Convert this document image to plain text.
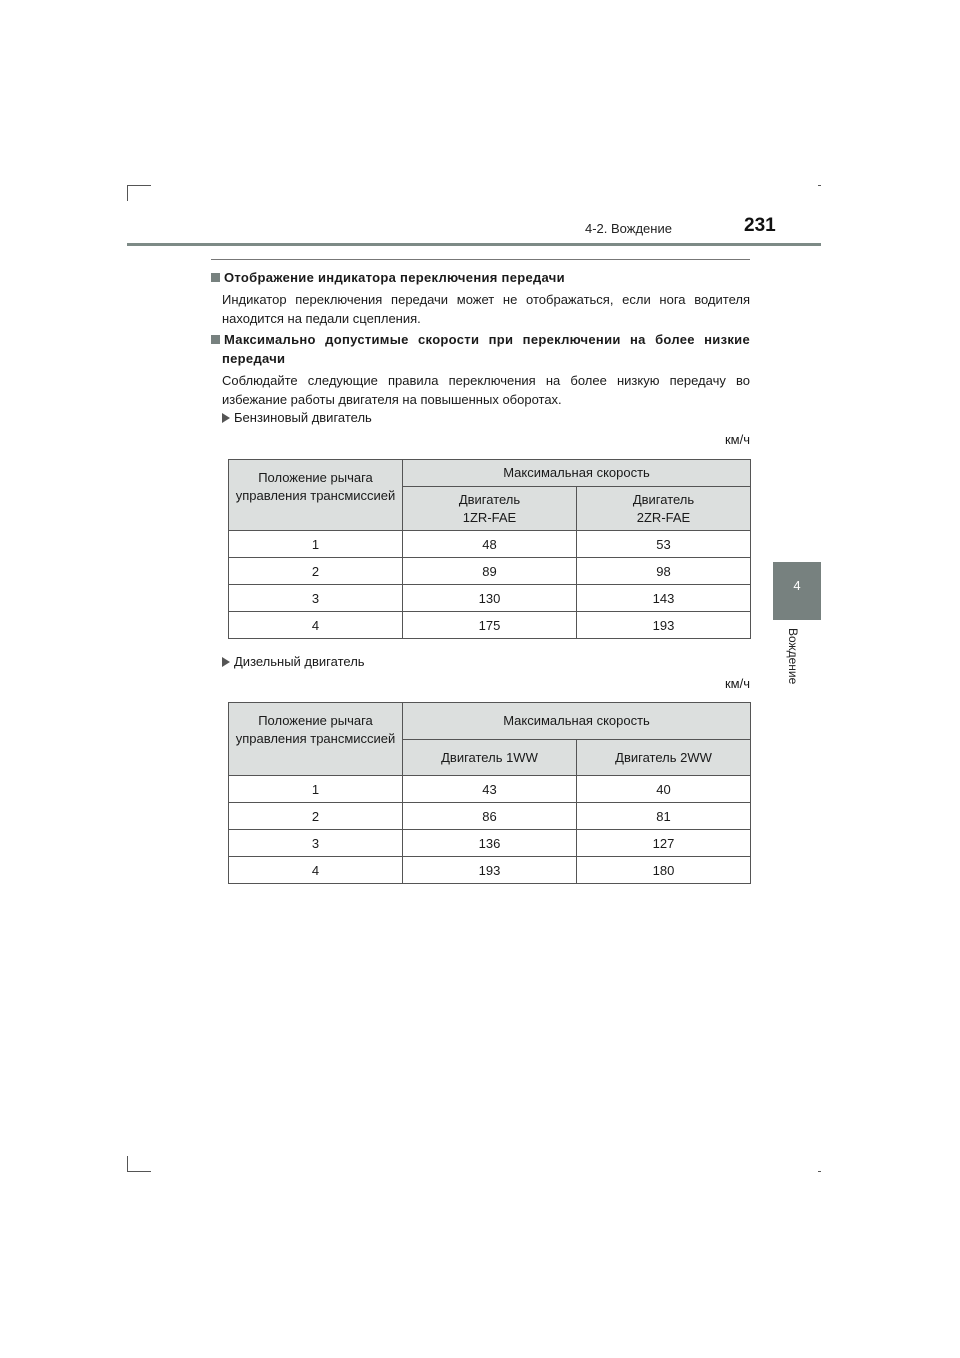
4-2. Вождение	231
4
Вождение
Отображение индикатора переключения передачи
Индикатор переключения передачи может не отображаться, если нога водителя находится на педали сцепления.
Максимально допустимые скорости при переключении на более низкие передачи
Соблюдайте следующие правила переключения на более низкую передачу во избежание работы двигателя на повышенных оборотах.
Бензиновый двигатель
км/ч
Положение рычага управления трансмиссией	Максимальная скорость	
	Двигатель 1ZR-FAE	Двигатель 2ZR-FAE
1	48	53
2	89	98
3	130	143
4	175	193
Дизельный двигатель
км/ч
Положение рычага управления трансмиссией	Максимальная скорость	
	Двигатель 1WW	Двигатель 2WW
1	43	40
2	86	81
3	136	127
4	193	180
